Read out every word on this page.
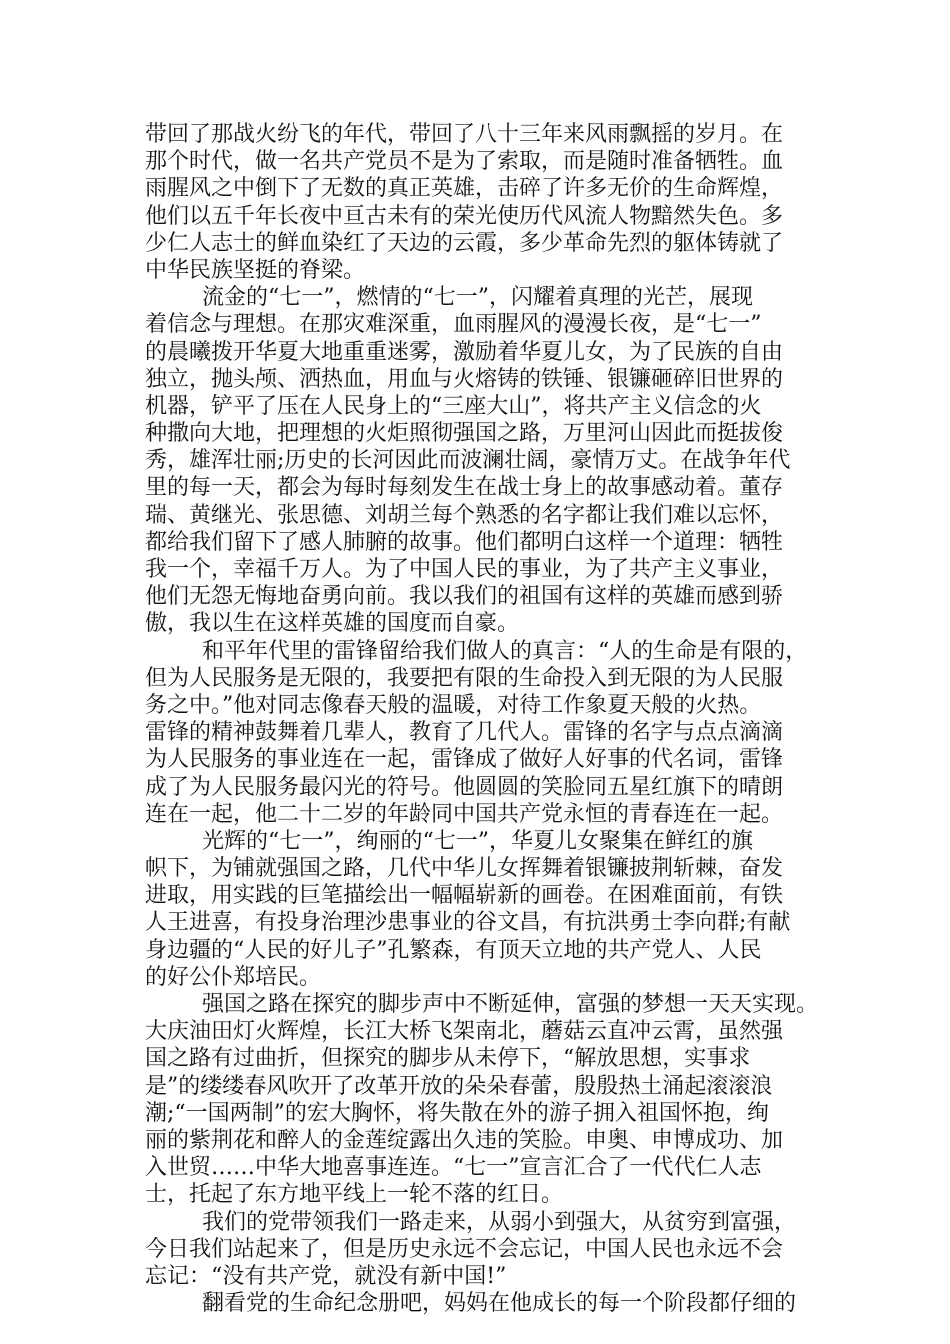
带回了那战火纷飞的年代，带回了八十三年来风雨飘摇的岁月。在
那个时代，做一名共产党员不是为了索取，而是随时准备牺牲。血
雨腥风之中倒下了无数的真正英雄，击碎了许多无价的生命辉煌，
他们以五千年长夜中亘古未有的荣光使历代风流人物黯然失色。多
少仁人志士的鲜血染红了天边的云霞，多少革命先烈的躯体铸就了
中华民族坚挺的脊梁。
流金的“七一”，燃情的“七一”，闪耀着真理的光芒，展现
着信念与理想。在那灾难深重，血雨腥风的漫漫长夜，是“七一”
的晨曦拨开华夏大地重重迷雾，激励着华夏儿女，为了民族的自由
独立，抛头颅、洒热血，用血与火熔铸的铁锤、银镰砸碎旧世界的
机器，铲平了压在人民身上的“三座大山”，将共产主义信念的火
种撒向大地，把理想的火炬照彻强国之路，万里河山因此而挺拔俊
秀，雄浑壮丽;历史的长河因此而波澜壮阔，豪情万丈。在战争年代
里的每一天，都会为每时每刻发生在战士身上的故事感动着。董存
瑞、黄继光、张思德、刘胡兰每个熟悉的名字都让我们难以忘怀，
都给我们留下了感人肺腑的故事。他们都明白这样一个道理：牺牲
我一个，幸福千万人。为了中国人民的事业，为了共产主义事业，
他们无怨无悔地奋勇向前。我以我们的祖国有这样的英雄而感到骄
傲，我以生在这样英雄的国度而自豪。
和平年代里的雷锋留给我们做人的真言：“人的生命是有限的，
但为人民服务是无限的，我要把有限的生命投入到无限的为人民服
务之中。”他对同志像春天般的温暖，对待工作象夏天般的火热。
雷锋的精神鼓舞着几辈人，教育了几代人。雷锋的名字与点点滴滴
为人民服务的事业连在一起，雷锋成了做好人好事的代名词，雷锋
成了为人民服务最闪光的符号。他圆圆的笑脸同五星红旗下的晴朗
连在一起，他二十二岁的年龄同中国共产党永恒的青春连在一起。
光辉的“七一”，绚丽的“七一”，华夏儿女聚集在鲜红的旗
帜下，为铺就强国之路，几代中华儿女挥舞着银镰披荆斩棘，奋发
进取，用实践的巨笔描绘出一幅幅崭新的画卷。在困难面前，有铁
人王进喜，有投身治理沙患事业的谷文昌，有抗洪勇士李向群;有献
身边疆的“人民的好儿子”孔繁森，有顶天立地的共产党人、人民
的好公仆郑培民。
强国之路在探究的脚步声中不断延伸，富强的梦想一天天实现。
大庆油田灯火辉煌，长江大桥飞架南北，蘑菇云直冲云霄，虽然强
国之路有过曲折，但探究的脚步从未停下，“解放思想，实事求
是”的缕缕春风吹开了改革开放的朵朵春蕾，殷殷热土涌起滚滚浪
潮;“一国两制”的宏大胸怀，将失散在外的游子拥入祖国怀抱，绚
丽的紫荆花和醉人的金莲绽露出久违的笑脸。申奥、申博成功、加
入世贸……中华大地喜事连连。“七一”宣言汇合了一代代仁人志
士，托起了东方地平线上一轮不落的红日。
我们的党带领我们一路走来，从弱小到强大，从贫穷到富强，
今日我们站起来了，但是历史永远不会忘记，中国人民也永远不会
忘记：“没有共产党，就没有新中国!”
翻看党的生命纪念册吧，妈妈在他成长的每一个阶段都仔细的
